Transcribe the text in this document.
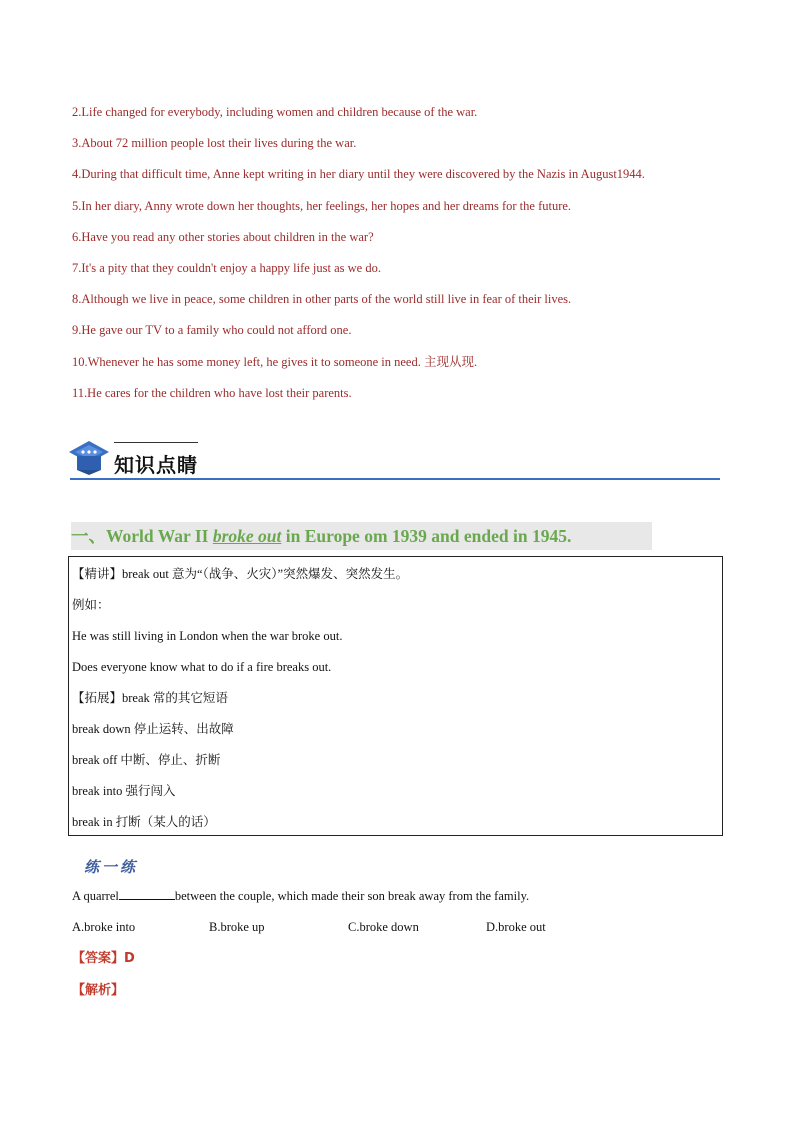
2.Life changed for everybody, including women and children because of the war.
3.About 72 million people lost their lives during the war.
4.During that difficult time, Anne kept writing in her diary until they were discovered by the Nazis in August1944.
5.In her diary, Anny wrote down her thoughts, her feelings, her hopes and her dreams for the future.
6.Have you read any other stories about children in the war?
7.It's a pity that they couldn't enjoy a happy life just as we do.
8.Although we live in peace, some children in other parts of the world still live in fear of their lives.
9.He gave our TV to a family who could not afford one.
10.Whenever he has some money left, he gives it to someone in need. 主现从现.
11.He cares for the children who have lost their parents.
知识点睛
一、World War II broke out in Europe om 1939 and ended in 1945.
【精讲】break out 意为“（战争、火灾）”突然爆发、突然发生。
例如：
He was still living in London when the war broke out.
Does everyone know what to do if a fire breaks out.
【拓展】break 常的其它短语
break down 停止运转、出故障
break off 中断、停止、折断
break into 强行闯入
break in 打断（某人的话）
练一练
A quarrel	between the couple, which made their son break away from the family.
A.broke into	B.broke up	C.broke down	D.broke out
【答案】D
【解析】
